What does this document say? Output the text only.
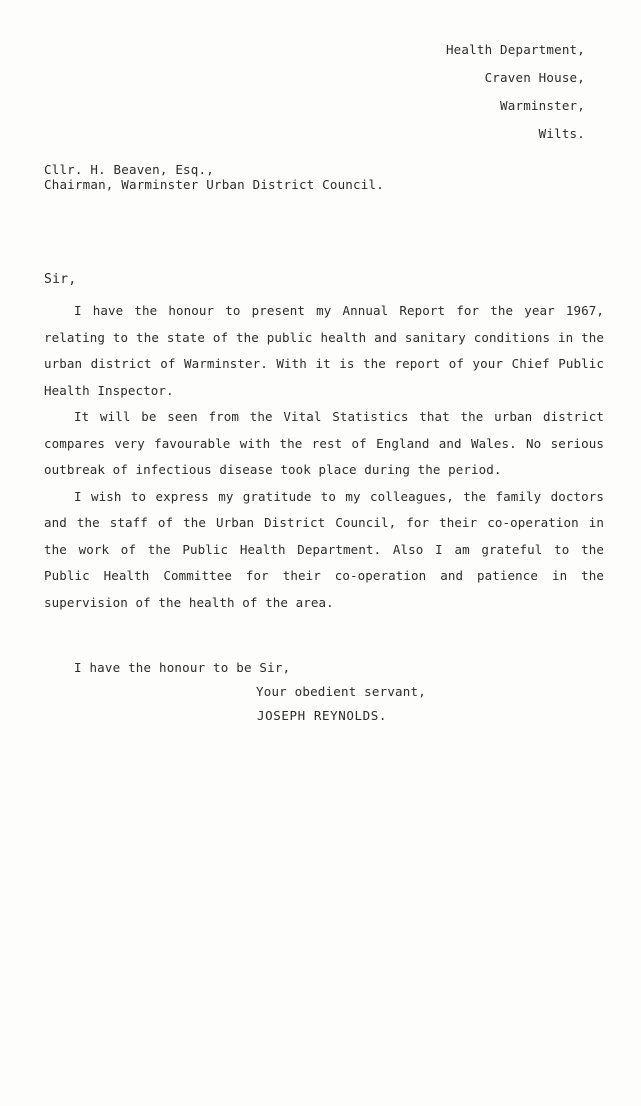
Health Department,
Craven House,
Warminster,
Wilts.
Cllr. H. Beaven, Esq.,
Chairman, Warminster Urban District Council.
Sir,

I have the honour to present my Annual Report for the year 1967, relating to the state of the public health and sanitary conditions in the urban district of Warminster. With it is the report of your Chief Public Health Inspector.

It will be seen from the Vital Statistics that the urban district compares very favourable with the rest of England and Wales. No serious outbreak of infectious disease took place during the period.

I wish to express my gratitude to my colleagues, the family doctors and the staff of the Urban District Council, for their co-operation in the work of the Public Health Department. Also I am grateful to the Public Health Committee for their co-operation and patience in the supervision of the health of the area.

I have the honour to be Sir,
Your obedient servant,
JOSEPH REYNOLDS.
